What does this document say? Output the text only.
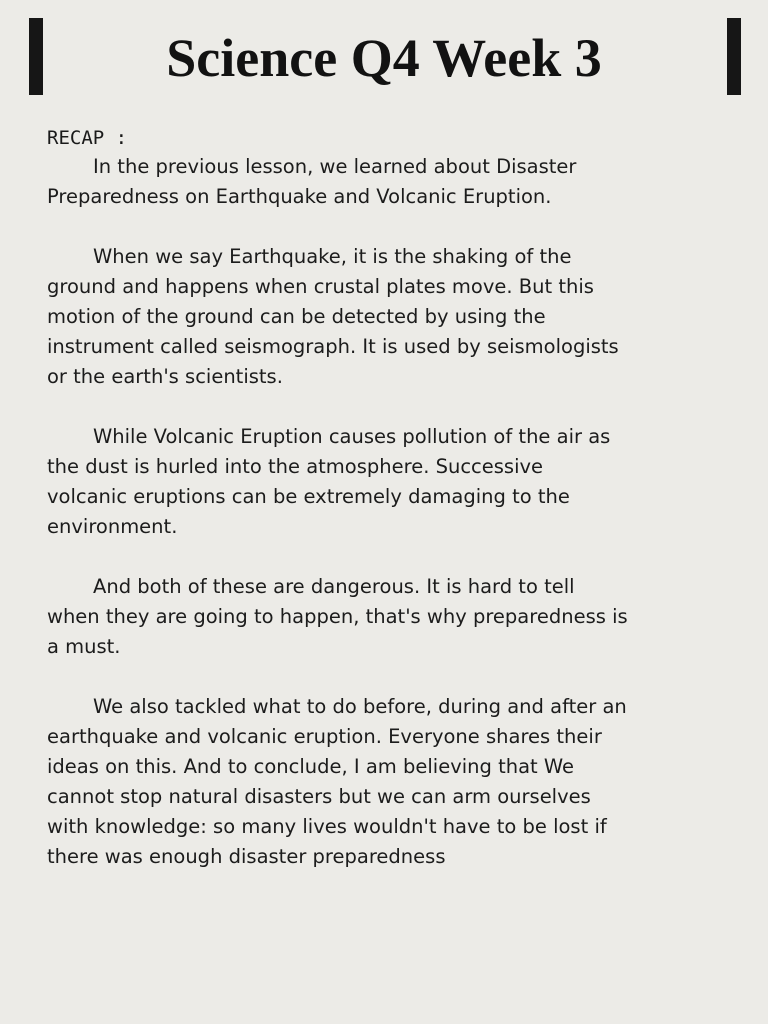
Science Q4 Week 3

RECAP :

In the previous lesson, we learned about Disaster
Preparedness on Earthquake and Volcanic Eruption.

When we say Earthquake, it is the shaking of the
ground and happens when crustal plates move. But this
motion of the ground can be detected by using the
instrument called seismograph. It is used by seismologists
or the earth's scientists.

While Volcanic Eruption causes pollution of the air as
the dust is hurled into the atmosphere. Successive
volcanic eruptions can be extremely damaging to the
environment.

And both of these are dangerous. It is hard to tell
when they are going to happen, that's why preparedness is
a must.

We also tackled what to do before, during and after an
earthquake and volcanic eruption. Everyone shares their
ideas on this. And to conclude, I am believing that We
cannot stop natural disasters but we can arm ourselves
with knowledge: so many lives wouldn't have to be lost if
there was enough disaster preparedness
